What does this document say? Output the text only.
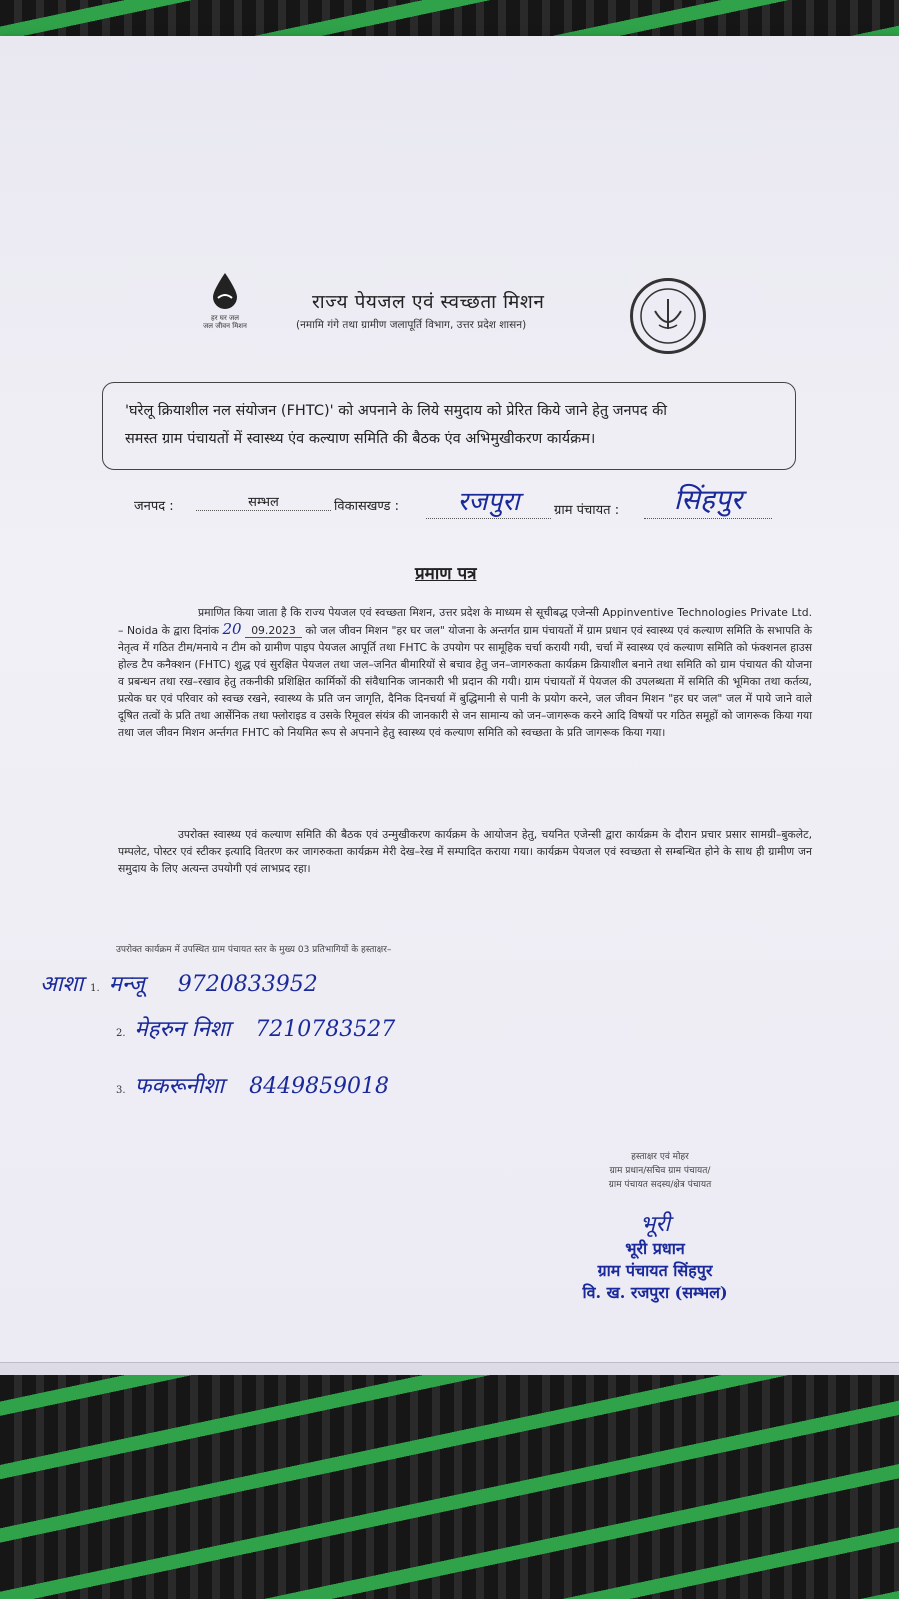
हर घर जल
जल जीवन मिशन
राज्य पेयजल एवं स्वच्छता मिशन
(नमामि गंगे तथा ग्रामीण जलापूर्ति विभाग, उत्तर प्रदेश शासन)
'घरेलू क्रियाशील नल संयोजन (FHTC)' को अपनाने के लिये समुदाय को प्रेरित किये जाने हेतु जनपद की
समस्त ग्राम पंचायतों में स्वास्थ्य एंव कल्याण समिति की बैठक एंव अभिमुखीकरण कार्यक्रम।
जनपद :	सम्भल	विकासखण्ड :	रजपुरा	ग्राम पंचायत :	सिंहपुर
प्रमाण पत्र
प्रमाणित किया जाता है कि राज्य पेयजल एवं स्वच्छता मिशन, उत्तर प्रदेश के माध्यम से सूचीबद्ध एजेन्सी Appinventive Technologies Private Ltd. – Noida के द्वारा दिनांक 20 09.2023 को जल जीवन मिशन "हर घर जल" योजना के अन्तर्गत ग्राम पंचायतों में ग्राम प्रधान एवं स्वास्थ्य एवं कल्याण समिति के सभापति के नेतृत्व में गठित टीम/मनाये न टीम को ग्रामीण पाइप पेयजल आपूर्ति तथा FHTC के उपयोग पर सामूहिक चर्चा करायी गयी, चर्चा में स्वास्थ्य एवं कल्याण समिति को फंक्शनल हाउस होल्ड टैप कनैक्शन (FHTC) शुद्ध एवं सुरक्षित पेयजल तथा जल–जनित बीमारियों से बचाव हेतु जन–जागरुकता कार्यक्रम क्रियाशील बनाने तथा समिति को ग्राम पंचायत की योजना व प्रबन्धन तथा रख–रखाव हेतु तकनीकी प्रशिक्षित कार्मिकों की संवैधानिक जानकारी भी प्रदान की गयी। ग्राम पंचायतों में पेयजल की उपलब्धता में समिति की भूमिका तथा कर्तव्य, प्रत्येक घर एवं परिवार को स्वच्छ रखने, स्वास्थ्य के प्रति जन जागृति, दैनिक दिनचर्या में बुद्धिमानी से पानी के प्रयोग करने, जल जीवन मिशन "हर घर जल" जल में पाये जाने वाले दूषित तत्वों के प्रति तथा आर्सेनिक तथा फ्लोराइड व उसके रिमूवल संयंत्र की जानकारी से जन सामान्य को जन–जागरूक करने आदि विषयों पर गठित समूहों को जागरूक किया गया तथा जल जीवन मिशन अर्न्तगत FHTC को नियमित रूप से अपनाने हेतु स्वास्थ्य एवं कल्याण समिति को स्वच्छता के प्रति जागरूक किया गया।
उपरोक्त स्वास्थ्य एवं कल्याण समिति की बैठक एवं उन्मुखीकरण कार्यक्रम के आयोजन हेतु, चयनित एजेन्सी द्वारा कार्यक्रम के दौरान प्रचार प्रसार सामग्री–बुकलेट, पम्पलेट, पोस्टर एवं स्टीकर इत्यादि वितरण कर जागरुकता कार्यक्रम मेरी देख–रेख में सम्पादित कराया गया। कार्यक्रम पेयजल एवं स्वच्छता से सम्बन्धित होने के साथ ही ग्रामीण जन समुदाय के लिए अत्यन्त उपयोगी एवं लाभप्रद रहा।
उपरोक्त कार्यक्रम में उपस्थित ग्राम पंचायत स्तर के मुख्य 03 प्रतिभागियों के हस्ताक्षर–
आशा 1. मन्जू 9720833952
2. मेहरुन निशा 7210783527
3. फकरूनीशा 8449859018
हस्ताक्षर एवं मोहर
ग्राम प्रधान/सचिव ग्राम पंचायत/
ग्राम पंचायत सदस्य/क्षेत्र पंचायत
भूरी
भूरी प्रधान
ग्राम पंचायत सिंहपुर
वि. ख. रजपुरा (सम्भल)
